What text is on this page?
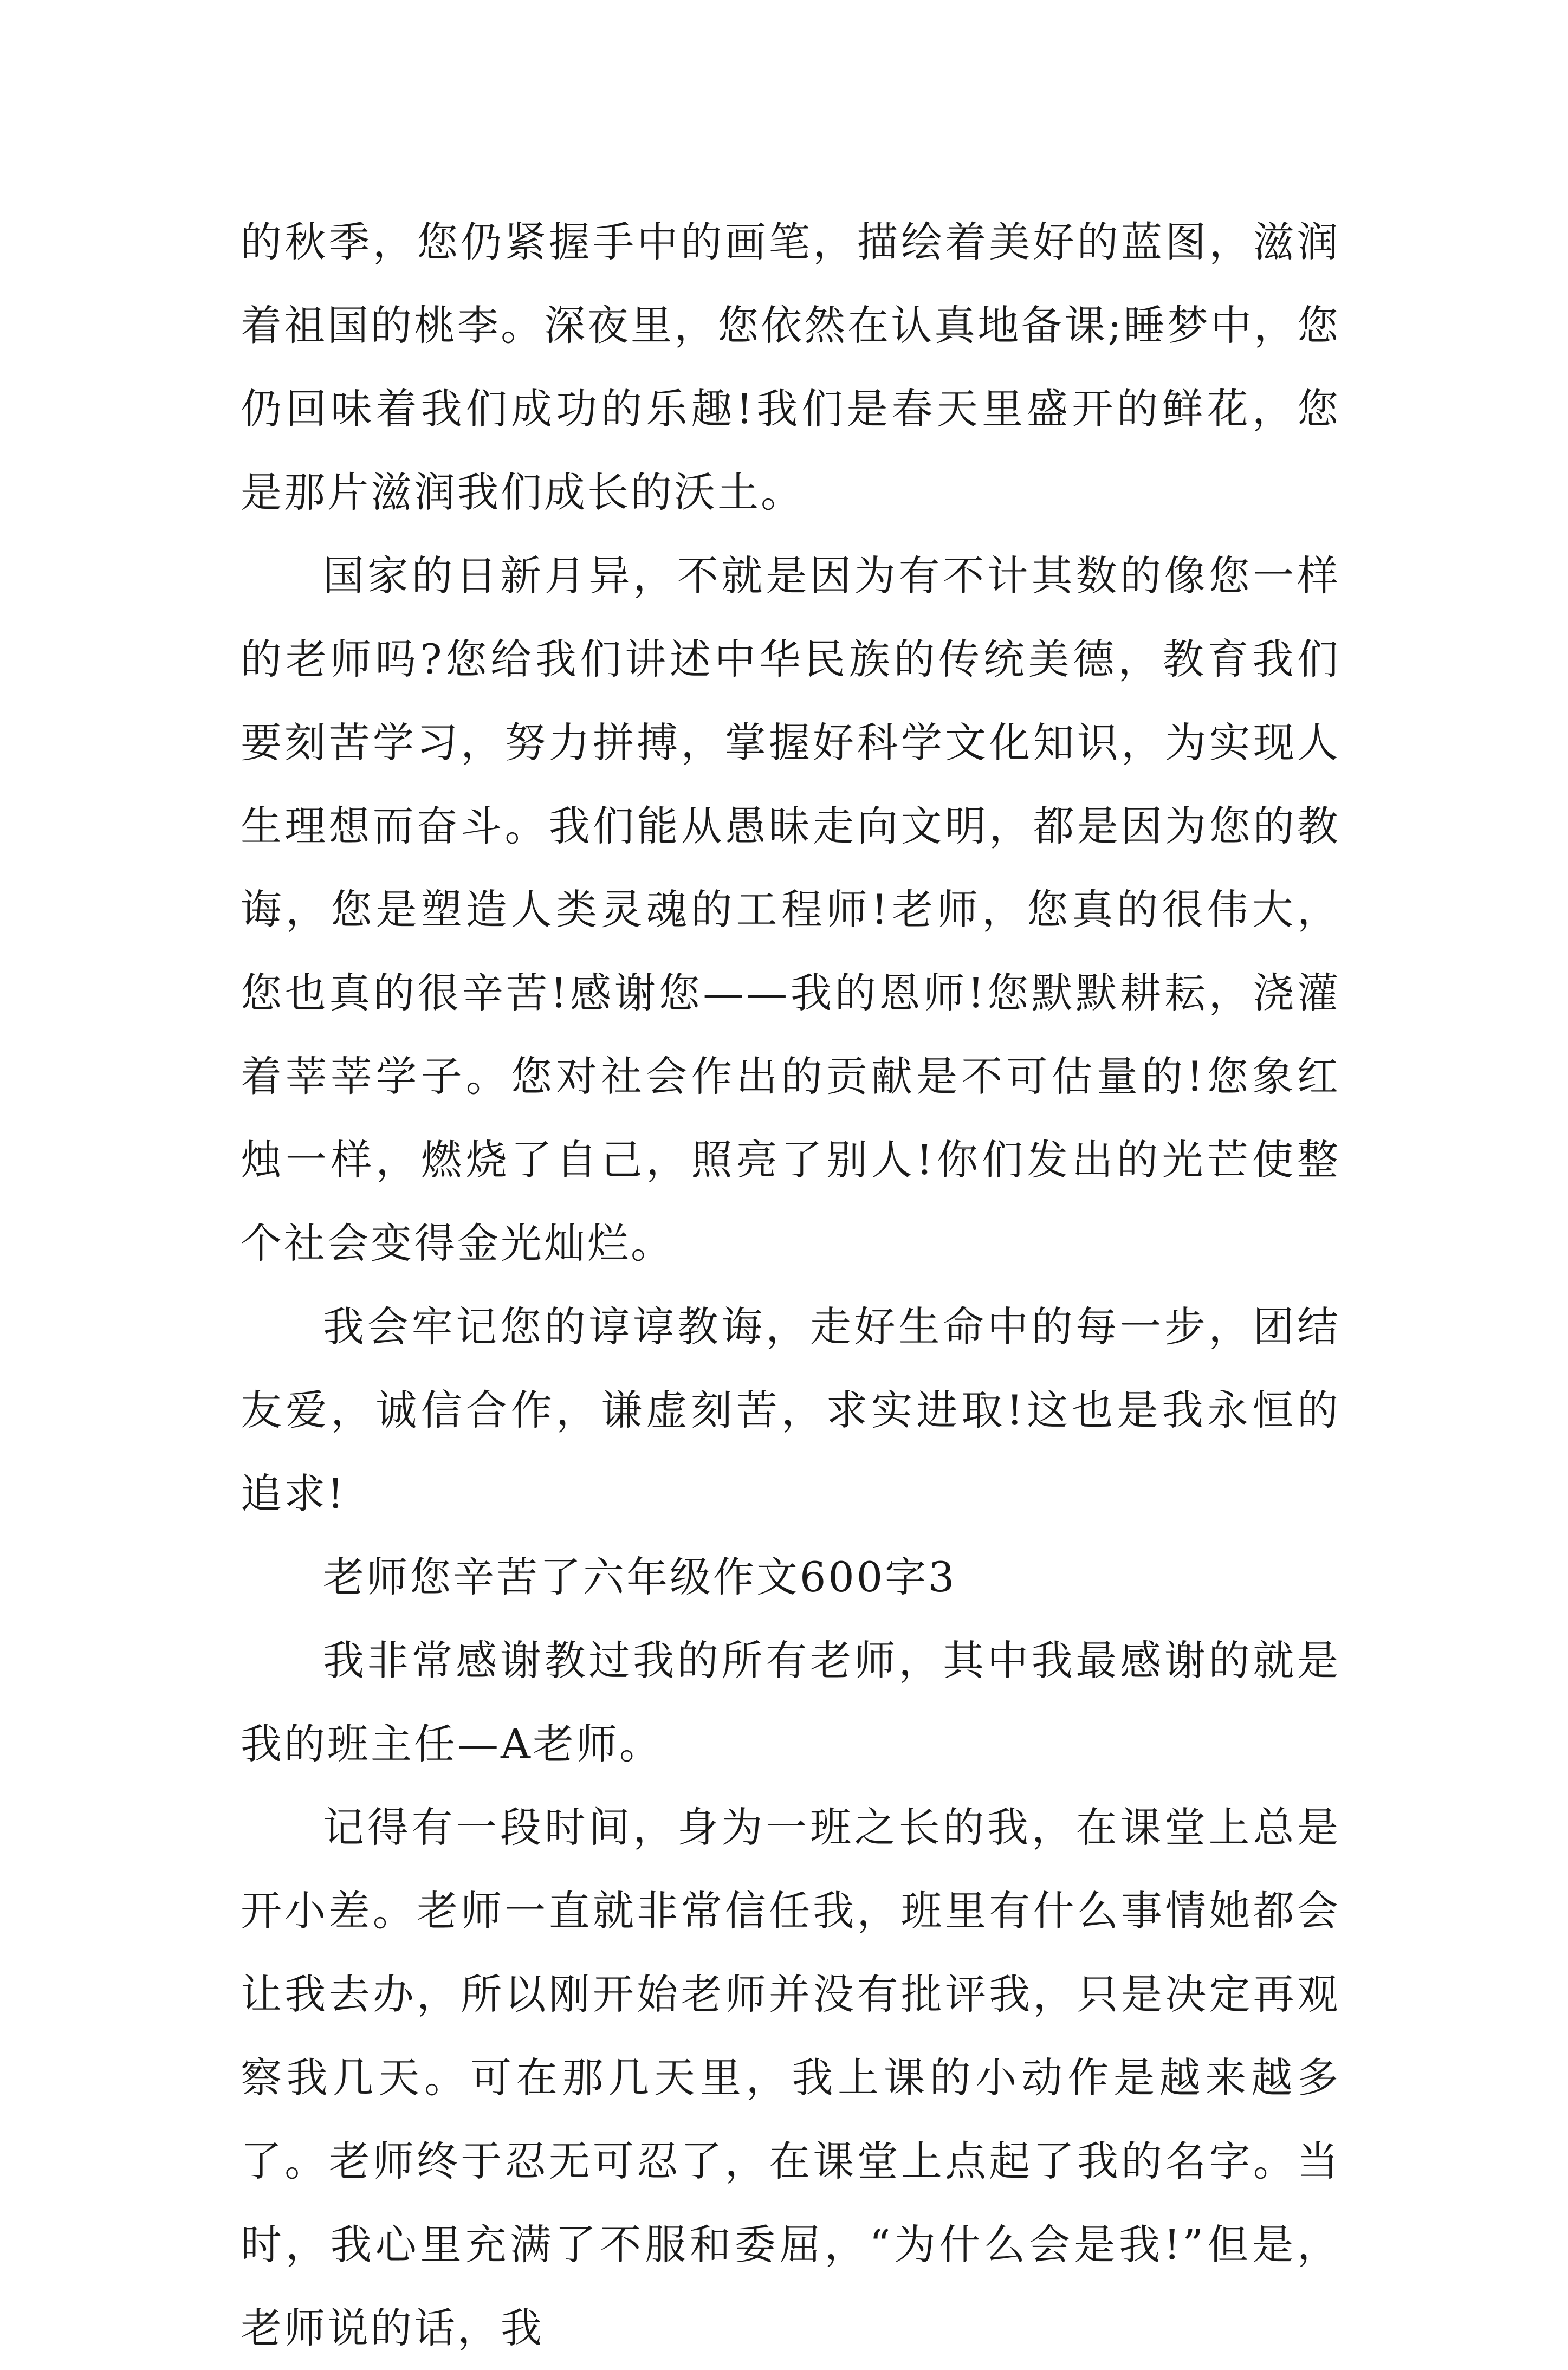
的秋季，您仍紧握手中的画笔，描绘着美好的蓝图，滋润着祖国的桃李。深夜里，您依然在认真地备课;睡梦中，您仍回味着我们成功的乐趣!我们是春天里盛开的鲜花，您是那片滋润我们成长的沃土。

国家的日新月异，不就是因为有不计其数的像您一样的老师吗?您给我们讲述中华民族的传统美德，教育我们要刻苦学习，努力拼搏，掌握好科学文化知识，为实现人生理想而奋斗。我们能从愚昧走向文明，都是因为您的教诲，您是塑造人类灵魂的工程师!老师，您真的很伟大，您也真的很辛苦!感谢您——我的恩师!您默默耕耘，浇灌着莘莘学子。您对社会作出的贡献是不可估量的!您象红烛一样，燃烧了自己，照亮了别人!你们发出的光芒使整个社会变得金光灿烂。

我会牢记您的谆谆教诲，走好生命中的每一步，团结友爱，诚信合作，谦虚刻苦，求实进取!这也是我永恒的追求!

老师您辛苦了六年级作文600字3

我非常感谢教过我的所有老师，其中我最感谢的就是我的班主任—A老师。

记得有一段时间，身为一班之长的我，在课堂上总是开小差。老师一直就非常信任我，班里有什么事情她都会让我去办，所以刚开始老师并没有批评我，只是决定再观察我几天。可在那几天里，我上课的小动作是越来越多了。老师终于忍无可忍了，在课堂上点起了我的名字。当时，我心里充满了不服和委屈，“为什么会是我!”但是，老师说的话，我
